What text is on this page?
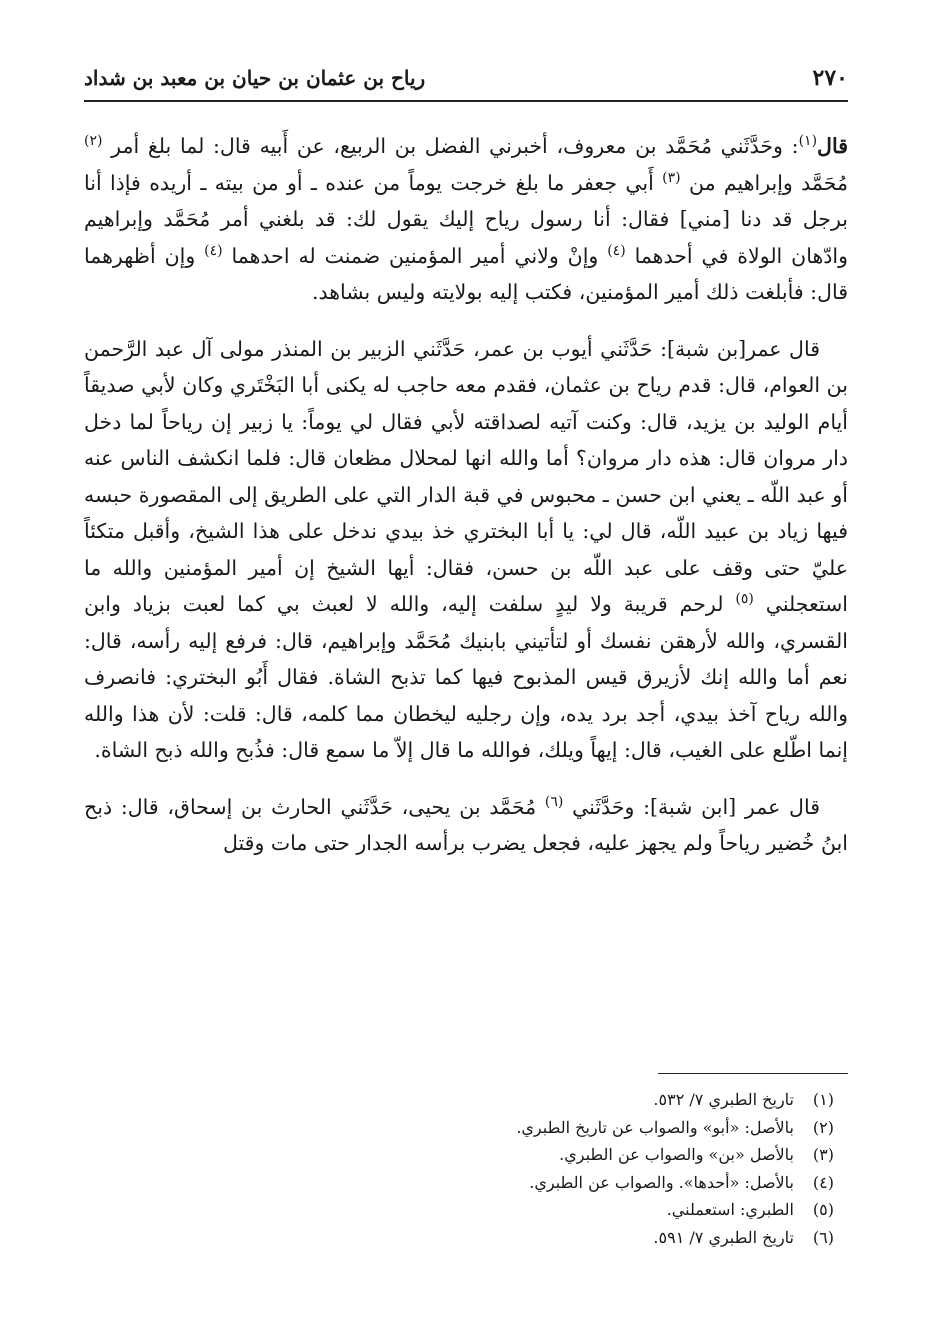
٢٧٠
رياح بن عثمان بن حيان بن معبد بن شداد

قال$^{(١)}$: وحَدَّثَني مُحَمَّد بن معروف، أخبرني الفضل بن الربيع، عن أَبيه قال: لما بلغ أمر $^{(٢)}$ مُحَمَّد وإبراهيم من $^{(٣)}$ أَبي جعفر ما بلغ خرجت يوماً من عنده ـ أو من بيته ـ أريده فإذا أنا برجل قد دنا [مني] فقال: أنا رسول رياح إليك يقول لك: قد بلغني أمر مُحَمَّد وإبراهيم وادّهان الولاة في أحدهما $^{(٤)}$ وإنْ ولاني أمير المؤمنين ضمنت له احدهما $^{(٤)}$ وإن أظهرهما قال: فأبلغت ذلك أمير المؤمنين، فكتب إليه بولايته وليس بشاهد.

قال عمر[بن شبة]: حَدَّثَني أيوب بن عمر، حَدَّثَني الزبير بن المنذر مولى آل عبد الرَّحمن بن العوام، قال: قدم رياح بن عثمان، فقدم معه حاجب له يكنى أبا البَخْتَري وكان لأبي صديقاً أيام الوليد بن يزيد، قال: وكنت آتيه لصداقته لأبي فقال لي يوماً: يا زبير إن رياحاً لما دخل دار مروان قال: هذه دار مروان؟ أما والله انها لمحلال مظعان قال: فلما انكشف الناس عنه أو عبد اللّه ـ يعني ابن حسن ـ محبوس في قبة الدار التي على الطريق إلى المقصورة حبسه فيها زياد بن عبيد اللّه، قال لي: يا أبا البختري خذ بيدي ندخل على هذا الشيخ، وأقبل متكئاً عليّ حتى وقف على عبد اللّه بن حسن، فقال: أيها الشيخ إن أمير المؤمنين والله ما استعجلني $^{(٥)}$ لرحم قريبة ولا ليدٍ سلفت إليه، والله لا لعبث بي كما لعبت بزياد وابن القسري، والله لأرهقن نفسك أو لتأتيني بابنيك مُحَمَّد وإبراهيم، قال: فرفع إليه رأسه، قال: نعم أما والله إنك لأزيرق قيس المذبوح فيها كما تذبح الشاة. فقال أَبُو البختري: فانصرف والله رياح آخذ بيدي، أجد برد يده، وإن رجليه ليخطان مما كلمه، قال: قلت: لأن هذا والله إنما اطّلع على الغيب، قال: إيهاً ويلك، فوالله ما قال إلاّ ما سمع قال: فذُبح والله ذبح الشاة.

قال عمر [ابن شبة]: وحَدَّثَني $^{(٦)}$ مُحَمَّد بن يحيى، حَدَّثَني الحارث بن إسحاق، قال: ذبح ابنُ خُضير رياحاً ولم يجهز عليه، فجعل يضرب برأسه الجدار حتى مات وقتل

(١)
تاريخ الطبري ٧/ ٥٣٢.
(٢)
بالأصل: «أبو» والصواب عن تاريخ الطبري.
(٣)
بالأصل «بن» والصواب عن الطبري.
(٤)
بالأصل: «أحدها». والصواب عن الطبري.
(٥)
الطبري: استعملني.
(٦)
تاريخ الطبري ٧/ ٥٩١.
